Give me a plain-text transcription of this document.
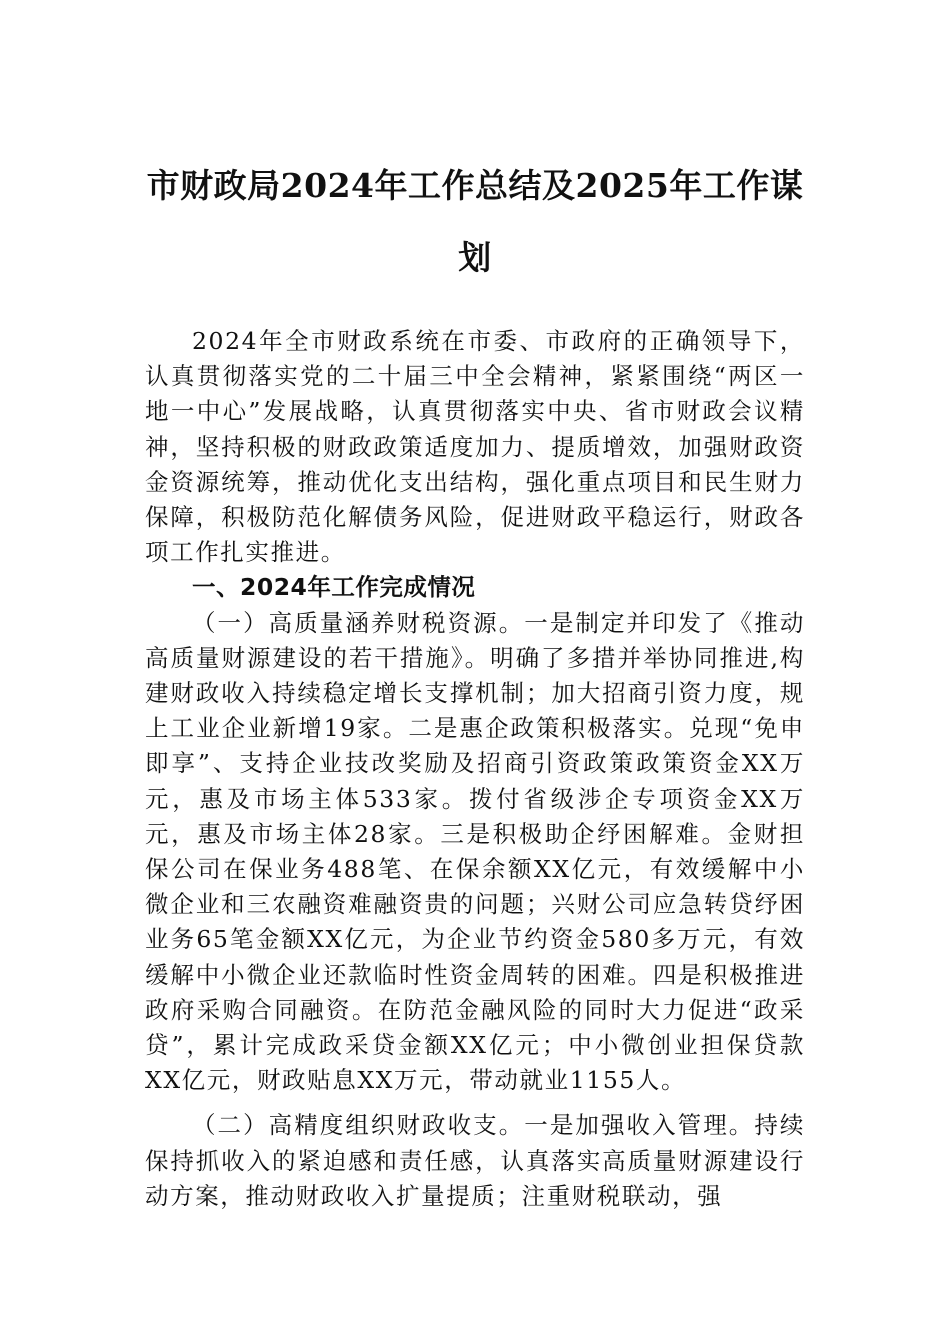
市财政局2024年工作总结及2025年工作谋划

2024年全市财政系统在市委、市政府的正确领导下，认真贯彻落实党的二十届三中全会精神，紧紧围绕“两区一地一中心”发展战略，认真贯彻落实中央、省市财政会议精神，坚持积极的财政政策适度加力、提质增效，加强财政资金资源统筹，推动优化支出结构，强化重点项目和民生财力保障，积极防范化解债务风险，促进财政平稳运行，财政各项工作扎实推进。

一、2024年工作完成情况

（一）高质量涵养财税资源。一是制定并印发了《推动高质量财源建设的若干措施》。明确了多措并举协同推进,构建财政收入持续稳定增长支撑机制；加大招商引资力度，规上工业企业新增19家。二是惠企政策积极落实。兑现“免申即享”、支持企业技改奖励及招商引资政策政策资金XX万元，惠及市场主体533家。拨付省级涉企专项资金XX万元，惠及市场主体28家。三是积极助企纾困解难。金财担保公司在保业务488笔、在保余额XX亿元，有效缓解中小微企业和三农融资难融资贵的问题；兴财公司应急转贷纾困业务65笔金额XX亿元，为企业节约资金580多万元，有效缓解中小微企业还款临时性资金周转的困难。四是积极推进政府采购合同融资。在防范金融风险的同时大力促进“政采贷”，累计完成政采贷金额XX亿元；中小微创业担保贷款XX亿元，财政贴息XX万元，带动就业1155人。

（二）高精度组织财政收支。一是加强收入管理。持续保持抓收入的紧迫感和责任感，认真落实高质量财源建设行动方案，推动财政收入扩量提质；注重财税联动，强
